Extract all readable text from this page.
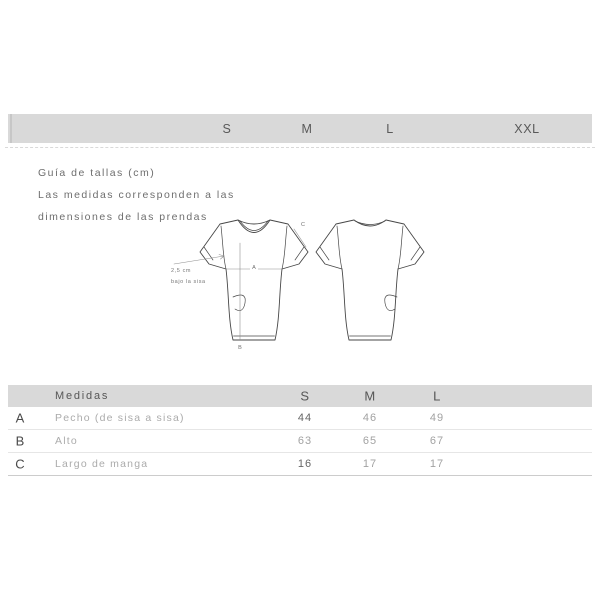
S	M	L	XXL
Guía de tallas (cm)
Las medidas corresponden a las
dimensiones de las prendas
A
B
C
2,5 cm
bajo la sisa
Medidas	S	M	L
A	Pecho (de sisa a sisa)	44	46	49
B	Alto	63	65	67
C	Largo de manga	16	17	17
